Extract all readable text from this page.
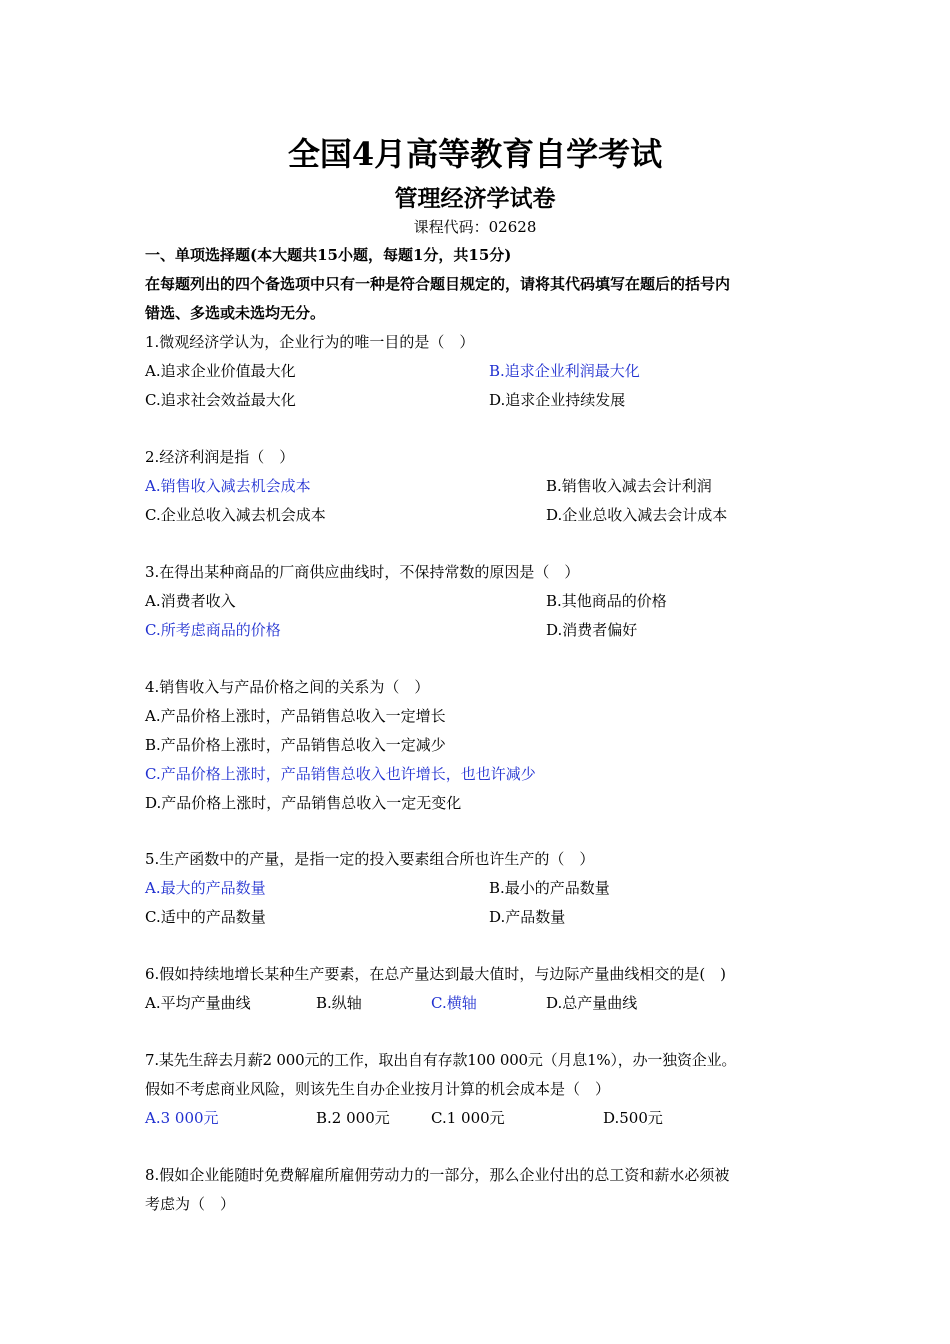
全国4月高等教育自学考试
管理经济学试卷
课程代码：02628
一、单项选择题(本大题共15小题，每题1分，共15分)
在每题列出的四个备选项中只有一种是符合题目规定的，请将其代码填写在题后的括号内
错选、多选或未选均无分。
1.微观经济学认为，企业行为的唯一目的是（　）
A.追求企业价值最大化	B.追求企业利润最大化
C.追求社会效益最大化	D.追求企业持续发展
2.经济利润是指（　）
A.销售收入减去机会成本	B.销售收入减去会计利润
C.企业总收入减去机会成本	D.企业总收入减去会计成本
3.在得出某种商品的厂商供应曲线时，不保持常数的原因是（　）
A.消费者收入	B.其他商品的价格
C.所考虑商品的价格	D.消费者偏好
4.销售收入与产品价格之间的关系为（　）
A.产品价格上涨时，产品销售总收入一定增长
B.产品价格上涨时，产品销售总收入一定减少
C.产品价格上涨时，产品销售总收入也许增长，也也许减少
D.产品价格上涨时，产品销售总收入一定无变化
5.生产函数中的产量，是指一定的投入要素组合所也许生产的（　）
A.最大的产品数量	B.最小的产品数量
C.适中的产品数量	D.产品数量
6.假如持续地增长某种生产要素，在总产量达到最大值时，与边际产量曲线相交的是(　)
A.平均产量曲线	B.纵轴	C.横轴	D.总产量曲线
7.某先生辞去月薪2 000元的工作，取出自有存款100 000元（月息1%），办一独资企业。
假如不考虑商业风险，则该先生自办企业按月计算的机会成本是（　）
A.3 000元	B.2 000元	C.1 000元	D.500元
8.假如企业能随时免费解雇所雇佣劳动力的一部分，那么企业付出的总工资和薪水必须被
考虑为（　）
